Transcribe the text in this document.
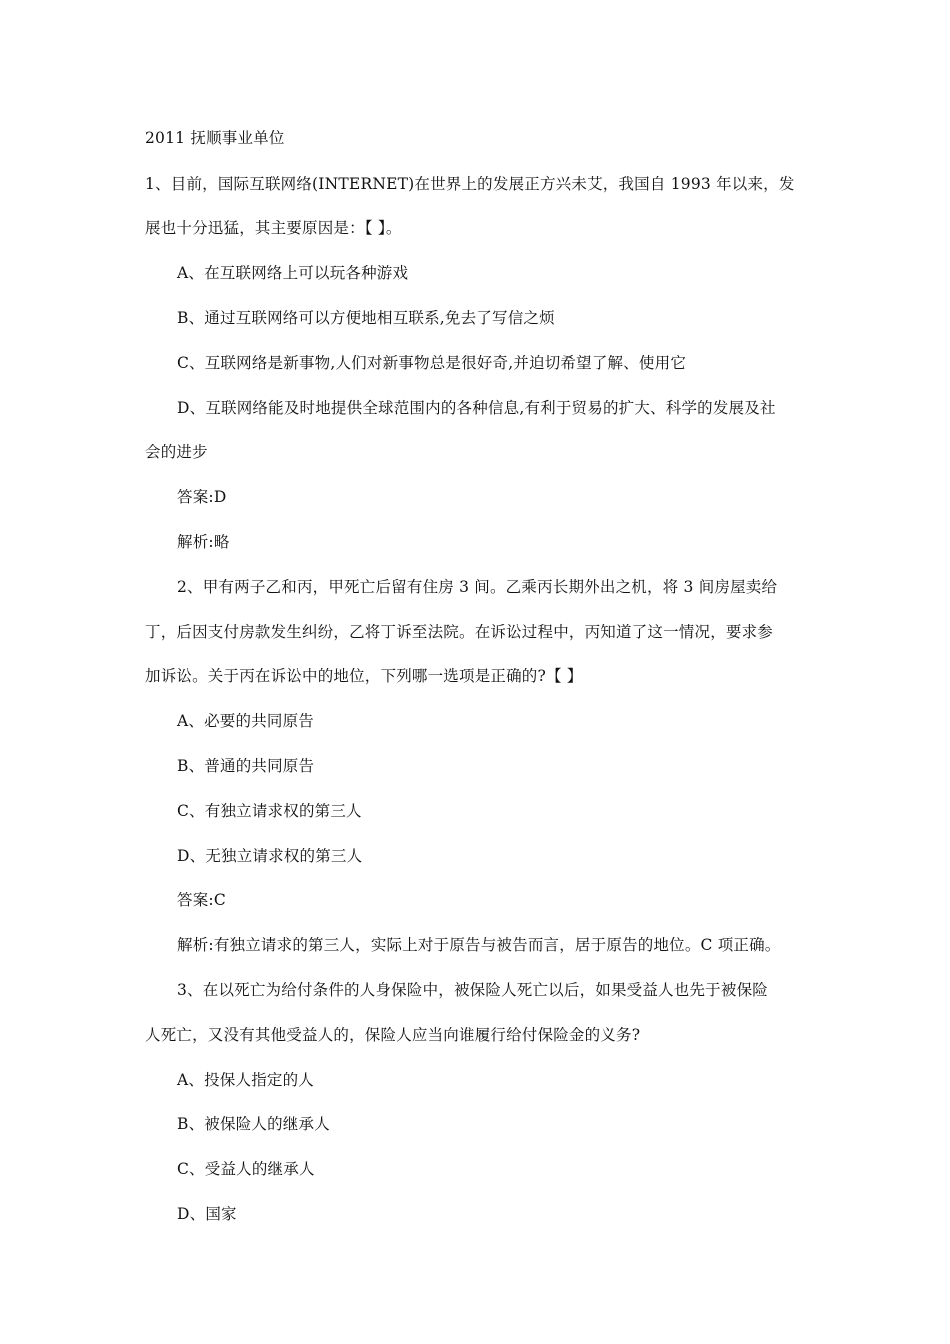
2011 抚顺事业单位
1、目前，国际互联网络(INTERNET)在世界上的发展正方兴未艾，我国自 1993 年以来，发
展也十分迅猛，其主要原因是：【 】。
A、在互联网络上可以玩各种游戏
B、通过互联网络可以方便地相互联系,免去了写信之烦
C、互联网络是新事物,人们对新事物总是很好奇,并迫切希望了解、使用它
D、互联网络能及时地提供全球范围内的各种信息,有利于贸易的扩大、科学的发展及社
会的进步
答案:D
解析:略
2、甲有两子乙和丙，甲死亡后留有住房 3 间。乙乘丙长期外出之机，将 3 间房屋卖给
丁，后因支付房款发生纠纷，乙将丁诉至法院。在诉讼过程中，丙知道了这一情况，要求参
加诉讼。关于丙在诉讼中的地位，下列哪一选项是正确的?【 】
A、必要的共同原告
B、普通的共同原告
C、有独立请求权的第三人
D、无独立请求权的第三人
答案:C
解析:有独立请求的第三人，实际上对于原告与被告而言，居于原告的地位。C 项正确。
3、在以死亡为给付条件的人身保险中，被保险人死亡以后，如果受益人也先于被保险
人死亡，又没有其他受益人的，保险人应当向谁履行给付保险金的义务?
A、投保人指定的人
B、被保险人的继承人
C、受益人的继承人
D、国家
